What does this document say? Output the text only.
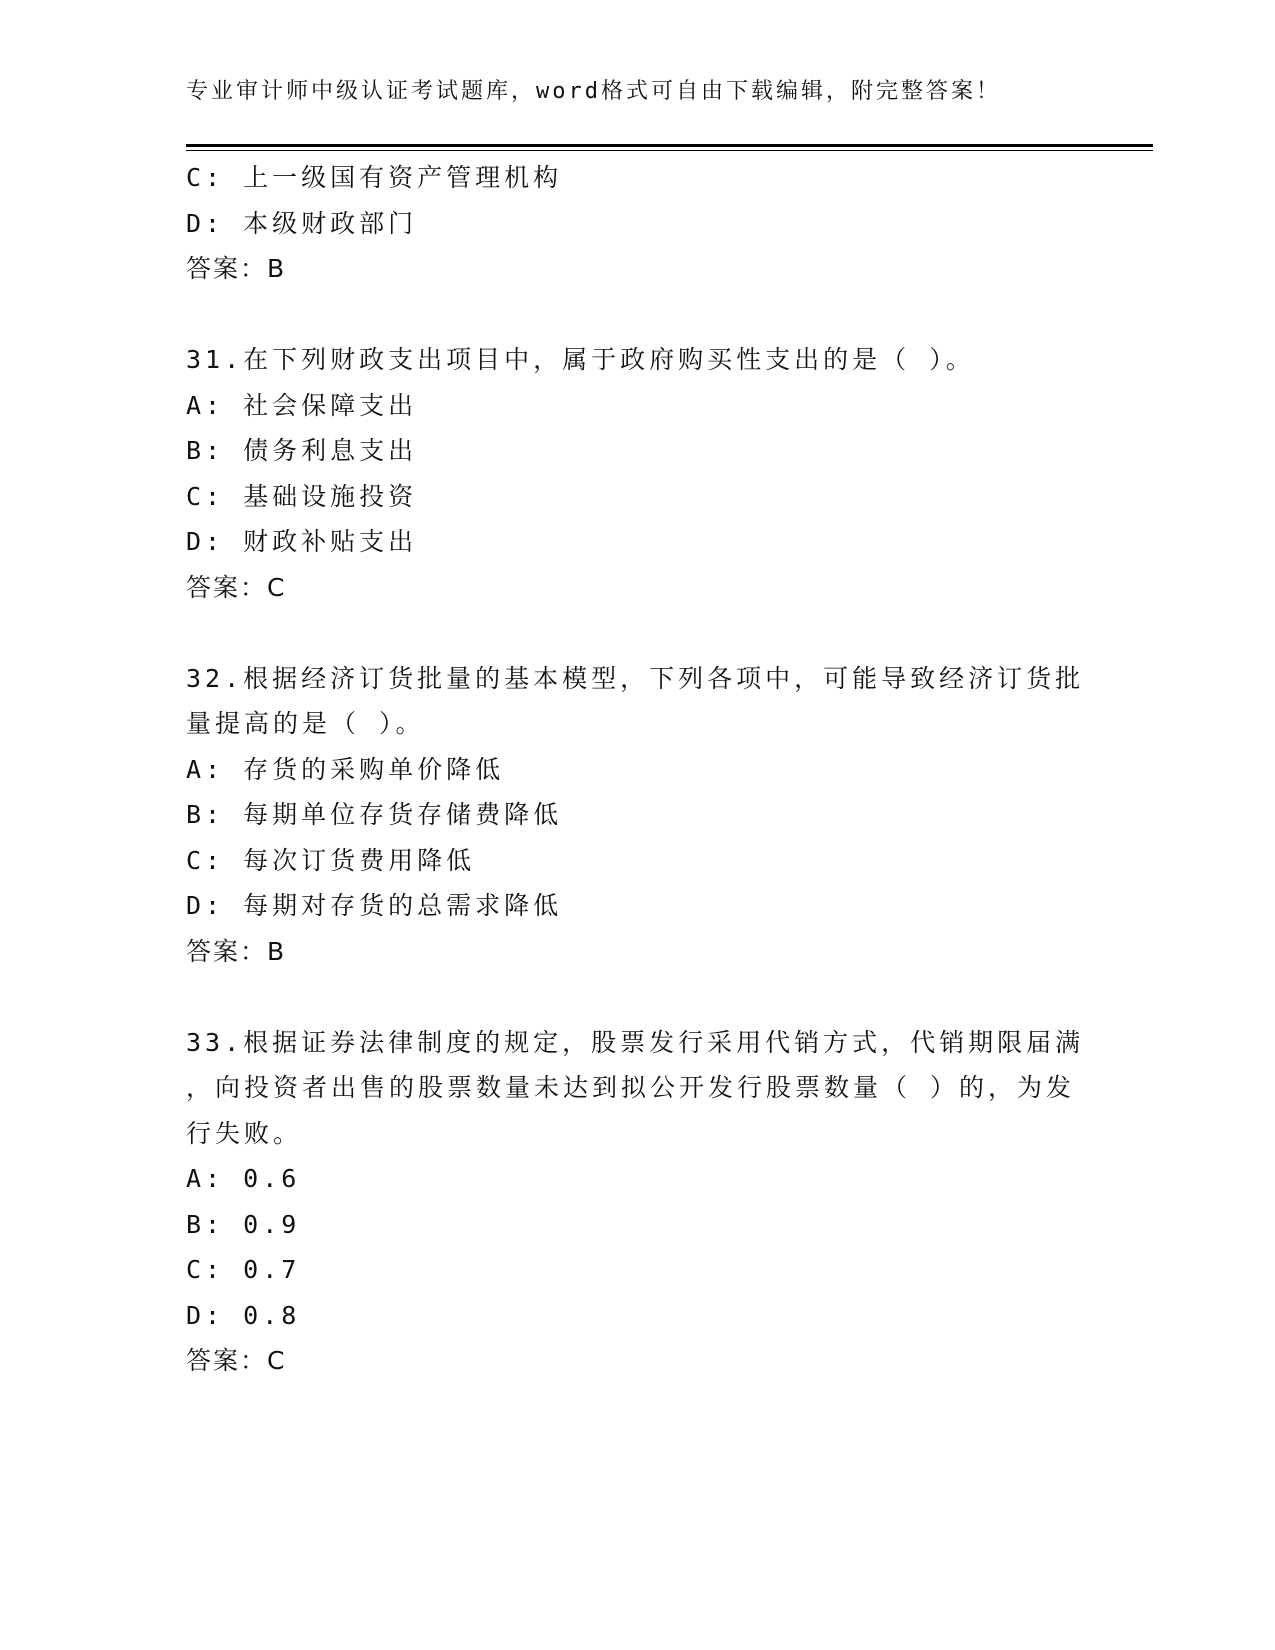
专业审计师中级认证考试题库，word格式可自由下载编辑，附完整答案！
C: 上一级国有资产管理机构
D: 本级财政部门
答案：B
31.在下列财政支出项目中，属于政府购买性支出的是（ ）。
A: 社会保障支出
B: 债务利息支出
C: 基础设施投资
D: 财政补贴支出
答案：C
32.根据经济订货批量的基本模型，下列各项中，可能导致经济订货批
量提高的是（ ）。
A: 存货的采购单价降低
B: 每期单位存货存储费降低
C: 每次订货费用降低
D: 每期对存货的总需求降低
答案：B
33.根据证券法律制度的规定，股票发行采用代销方式，代销期限届满
，向投资者出售的股票数量未达到拟公开发行股票数量（ ）的，为发
行失败。
A: 0.6
B: 0.9
C: 0.7
D: 0.8
答案：C
